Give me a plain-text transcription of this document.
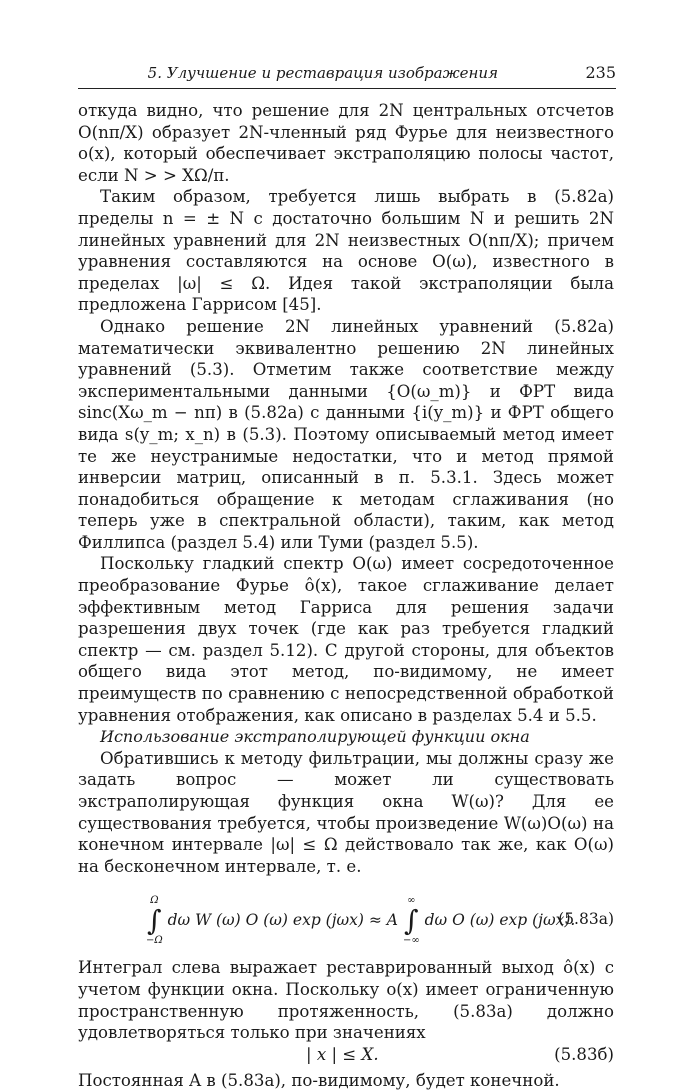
5. Улучшение и реставрация изображения	235

откуда видно, что решение для 2N центральных отсчетов O(nπ/X) образует 2N-членный ряд Фурье для неизвестного o(x), который обеспечивает экстраполяцию полосы частот, если N > > XΩ/π.

Таким образом, требуется лишь выбрать в (5.82а) пределы n = ± N с достаточно большим N и решить 2N линейных уравнений для 2N неизвестных O(nπ/X); причем уравнения составляются на основе O(ω), известного в пределах |ω| ≤ Ω. Идея такой экстраполяции была предложена Гаррисом [45].

Однако решение 2N линейных уравнений (5.82а) математически эквивалентно решению 2N линейных уравнений (5.3). Отметим также соответствие между экспериментальными данными {O(ω_m)} и ФРТ вида sinc(Xω_m − nπ) в (5.82а) с данными {i(y_m)} и ФРТ общего вида s(y_m; x_n) в (5.3). Поэтому описываемый метод имеет те же неустранимые недостатки, что и метод прямой инверсии матриц, описанный в п. 5.3.1. Здесь может понадобиться обращение к методам сглаживания (но теперь уже в спектральной области), таким, как метод Филлипса (раздел 5.4) или Туми (раздел 5.5).

Поскольку гладкий спектр O(ω) имеет сосредоточенное преобразование Фурье ô(x), такое сглаживание делает эффективным метод Гарриса для решения задачи разрешения двух точек (где как раз требуется гладкий спектр — см. раздел 5.12). С другой стороны, для объектов общего вида этот метод, по-видимому, не имеет преимуществ по сравнению с непосредственной обработкой уравнения отображения, как описано в разделах 5.4 и 5.5.

Использование экстраполирующей функции окна

Обратившись к методу фильтрации, мы должны сразу же задать вопрос — может ли существовать экстраполирующая функция окна W(ω)? Для ее существования требуется, чтобы произведение W(ω)O(ω) на конечном интервале |ω| ≤ Ω действовало так же, как O(ω) на бесконечном интервале, т. е.

Ω
∫
−Ω dω W (ω) O (ω) exp (jωx) ≈ A ∞
∫
−∞ dω O (ω) exp (jωx).
(5.83а)

Интеграл слева выражает реставрированный выход ô(x) с учетом функции окна. Поскольку o(x) имеет ограниченную пространственную протяженность, (5.83а) должно удовлетворяться только при значениях

| x | ≤ X.	(5.83б)

Постоянная A в (5.83а), по-видимому, будет конечной.
